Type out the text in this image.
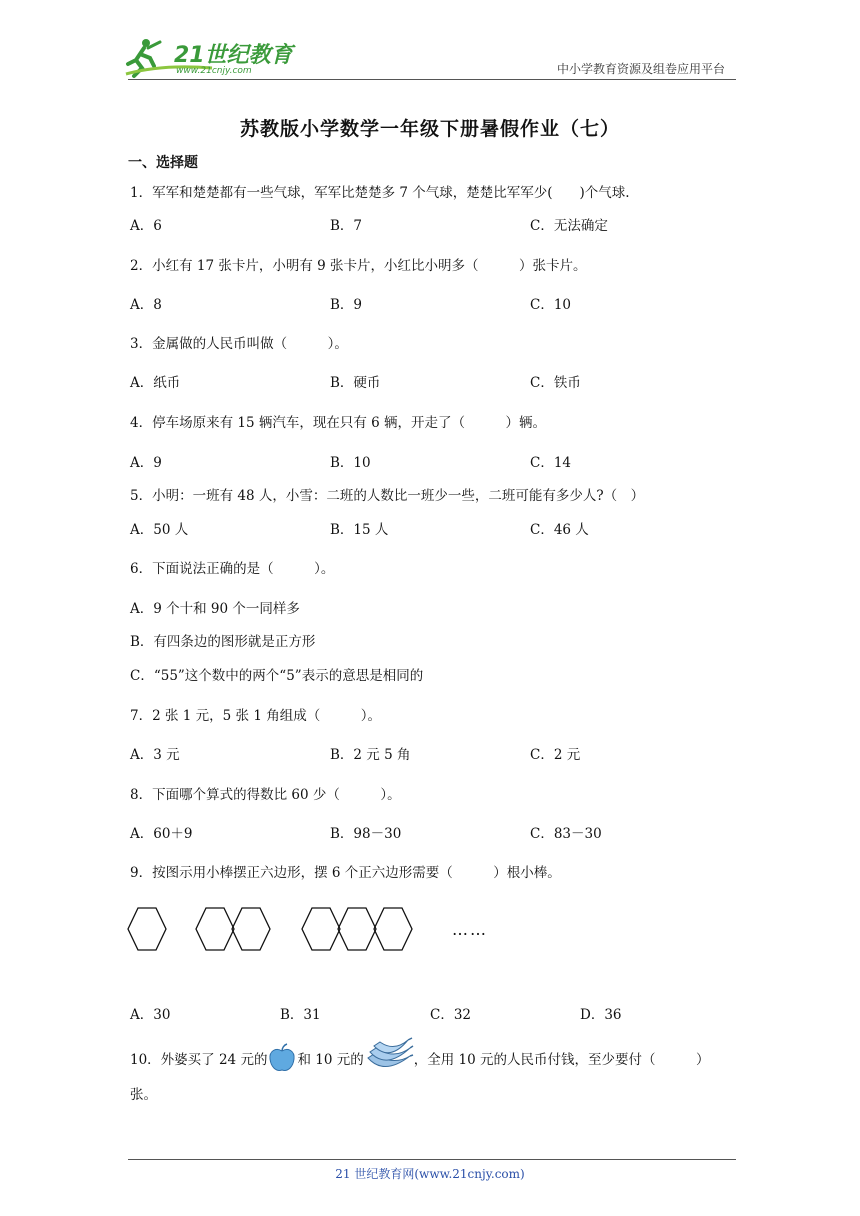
21世纪教育
www.21cnjy.com	中小学教育资源及组卷应用平台
苏教版小学数学一年级下册暑假作业（七）
一、选择题
1．军军和楚楚都有一些气球，军军比楚楚多 7 个气球，楚楚比军军少(　　)个气球.
A．6	B．7	C．无法确定
2．小红有 17 张卡片，小明有 9 张卡片，小红比小明多（　　　）张卡片。
A．8	B．9	C．10
3．金属做的人民币叫做（　　　）。
A．纸币	B．硬币	C．铁币
4．停车场原来有 15 辆汽车，现在只有 6 辆，开走了（　　　）辆。
A．9	B．10	C．14
5．小明：一班有 48 人，小雪：二班的人数比一班少一些，二班可能有多少人?（　）
A．50 人	B．15 人	C．46 人
6．下面说法正确的是（　　　）。
A．9 个十和 90 个一同样多
B．有四条边的图形就是正方形
C．“55”这个数中的两个“5”表示的意思是相同的
7．2 张 1 元，5 张 1 角组成（　　　）。
A．3 元	B．2 元 5 角	C．2 元
8．下面哪个算式的得数比 60 少（　　　）。
A．60＋9	B．98－30	C．83－30
9．按图示用小棒摆正六边形，摆 6 个正六边形需要（　　　）根小棒。
……
A．30	B．31	C．32	D．36
10．外婆买了 24 元的 和 10 元的	，全用 10 元的人民币付钱，至少要付（　　　）
张。
21 世纪教育网(www.21cnjy.com)
